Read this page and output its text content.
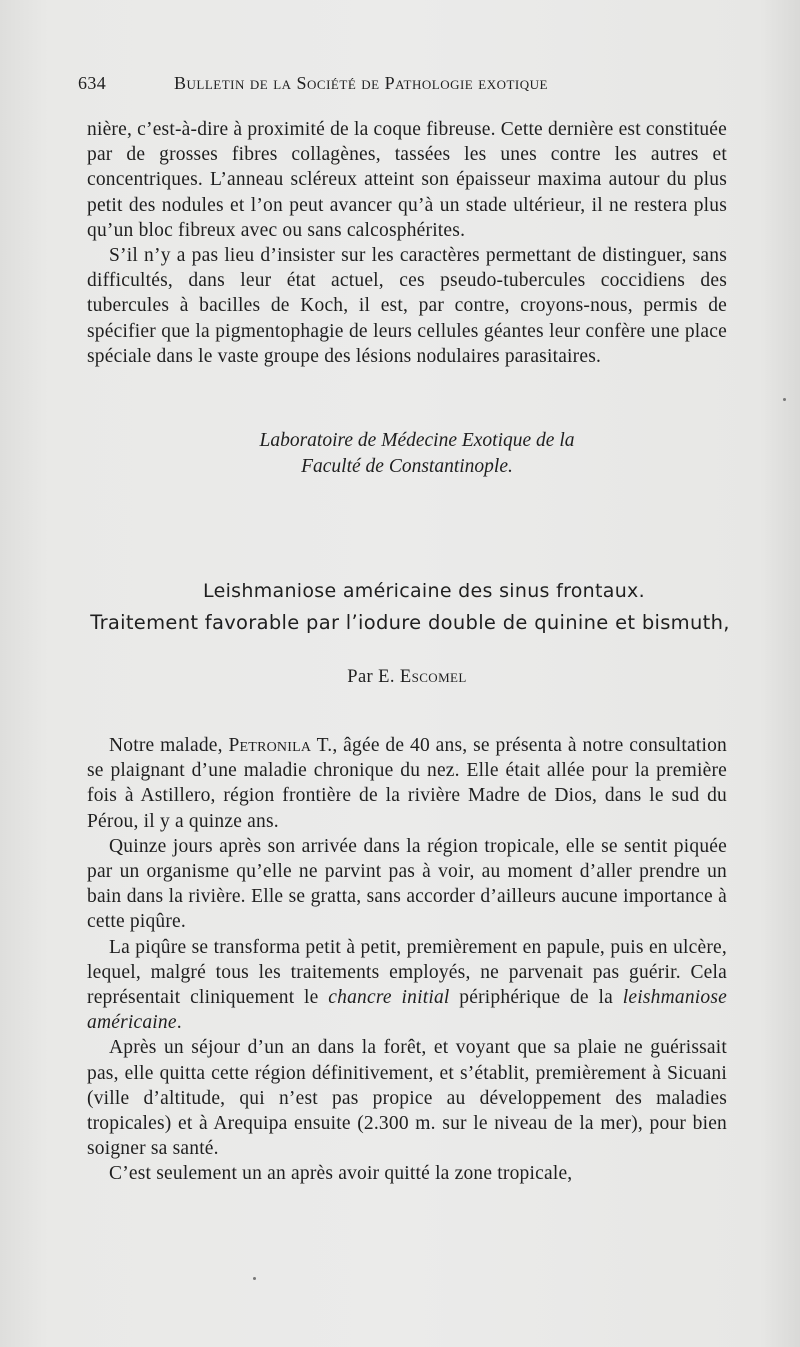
634	Bulletin de la Société de Pathologie exotique

nière, c’est-à-dire à proximité de la coque fibreuse. Cette dernière est constituée par de grosses fibres collagènes, tassées les unes contre les autres et concentriques. L’anneau scléreux atteint son épaisseur maxima autour du plus petit des nodules et l’on peut avancer qu’à un stade ultérieur, il ne restera plus qu’un bloc fibreux avec ou sans calcosphérites.

S’il n’y a pas lieu d’insister sur les caractères permettant de distinguer, sans difficultés, dans leur état actuel, ces pseudo-tubercules coccidiens des tubercules à bacilles de Koch, il est, par contre, croyons-nous, permis de spécifier que la pigmentophagie de leurs cellules géantes leur confère une place spéciale dans le vaste groupe des lésions nodulaires parasitaires.

Laboratoire de Médecine Exotique de la
Faculté de Constantinople.
Leishmaniose américaine des sinus frontaux.
Traitement favorable par l’iodure double de quinine et bismuth,
Par E. Escomel

Notre malade, Petronila T., âgée de 40 ans, se présenta à notre consultation se plaignant d’une maladie chronique du nez. Elle était allée pour la première fois à Astillero, région frontière de la rivière Madre de Dios, dans le sud du Pérou, il y a quinze ans.

Quinze jours après son arrivée dans la région tropicale, elle se sentit piquée par un organisme qu’elle ne parvint pas à voir, au moment d’aller prendre un bain dans la rivière. Elle se gratta, sans accorder d’ailleurs aucune importance à cette piqûre.

La piqûre se transforma petit à petit, premièrement en papule, puis en ulcère, lequel, malgré tous les traitements employés, ne parvenait pas guérir. Cela représentait cliniquement le chancre initial périphérique de la leishmaniose américaine.

Après un séjour d’un an dans la forêt, et voyant que sa plaie ne guérissait pas, elle quitta cette région définitivement, et s’établit, premièrement à Sicuani (ville d’altitude, qui n’est pas propice au développement des maladies tropicales) et à Arequipa ensuite (2.300 m. sur le niveau de la mer), pour bien soigner sa santé.

C’est seulement un an après avoir quitté la zone tropicale,
